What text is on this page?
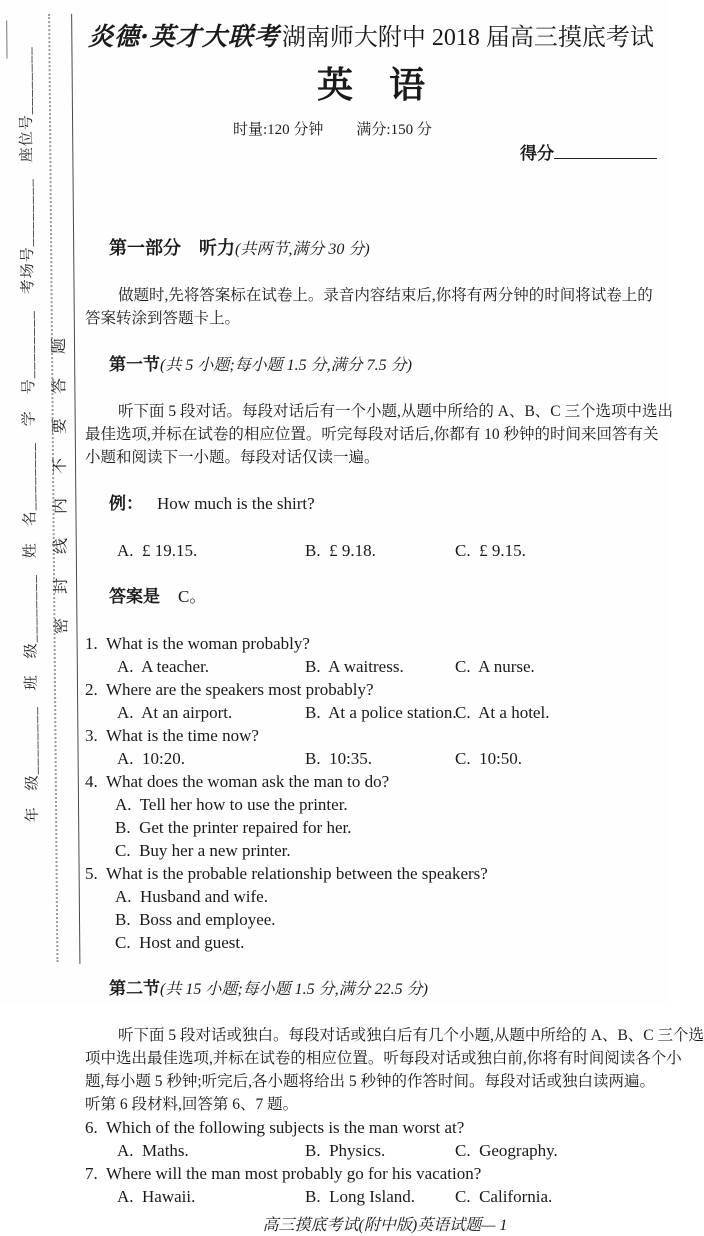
年　级________　班　级________　姓　名________　学　号________　考场号________　座位号________ 密封线内不要答题
炎德·英才大联考湖南师大附中 2018 届高三摸底考试
英　语
时量:120 分钟 满分:150 分
得分

第一部分　听力(共两节,满分 30 分)

做题时,先将答案标在试卷上。录音内容结束后,你将有两分钟的时间将试卷上的
答案转涂到答题卡上。

第一节(共 5 小题;每小题 1.5 分,满分 7.5 分)

听下面 5 段对话。每段对话后有一个小题,从题中所给的 A、B、C 三个选项中选出
最佳选项,并标在试卷的相应位置。听完每段对话后,你都有 10 秒钟的时间来回答有关
小题和阅读下一小题。每段对话仅读一遍。

例： How much is the shirt?

A.  £ 19.15.	B.  £ 9.18.	C.  £ 9.15.

答案是 C。

1.  What is the woman probably?
A.  A teacher.	B.  A waitress.	C.  A nurse.
2.  Where are the speakers most probably?
A.  At an airport.	B.  At a police station.
C.  At a hotel.
3.  What is the time now?
A.  10:20.	B.  10:35.	C.  10:50.
4.  What does the woman ask the man to do?
A.  Tell her how to use the printer.
B.  Get the printer repaired for her.
C.  Buy her a new printer.
5.  What is the probable relationship between the speakers?
A.  Husband and wife.
B.  Boss and employee.
C.  Host and guest.

第二节(共 15 小题;每小题 1.5 分,满分 22.5 分)

听下面 5 段对话或独白。每段对话或独白后有几个小题,从题中所给的 A、B、C 三个选
项中选出最佳选项,并标在试卷的相应位置。听每段对话或独白前,你将有时间阅读各个小
题,每小题 5 秒钟;听完后,各小题将给出 5 秒钟的作答时间。每段对话或独白读两遍。
听第 6 段材料,回答第 6、7 题。
6.  Which of the following subjects is the man worst at?
A.  Maths.	B.  Physics.	C.  Geography.
7.  Where will the man most probably go for his vacation?
A.  Hawaii.	B.  Long Island.	C.  California.
高三摸底考试(附中版)英语试题— 1
